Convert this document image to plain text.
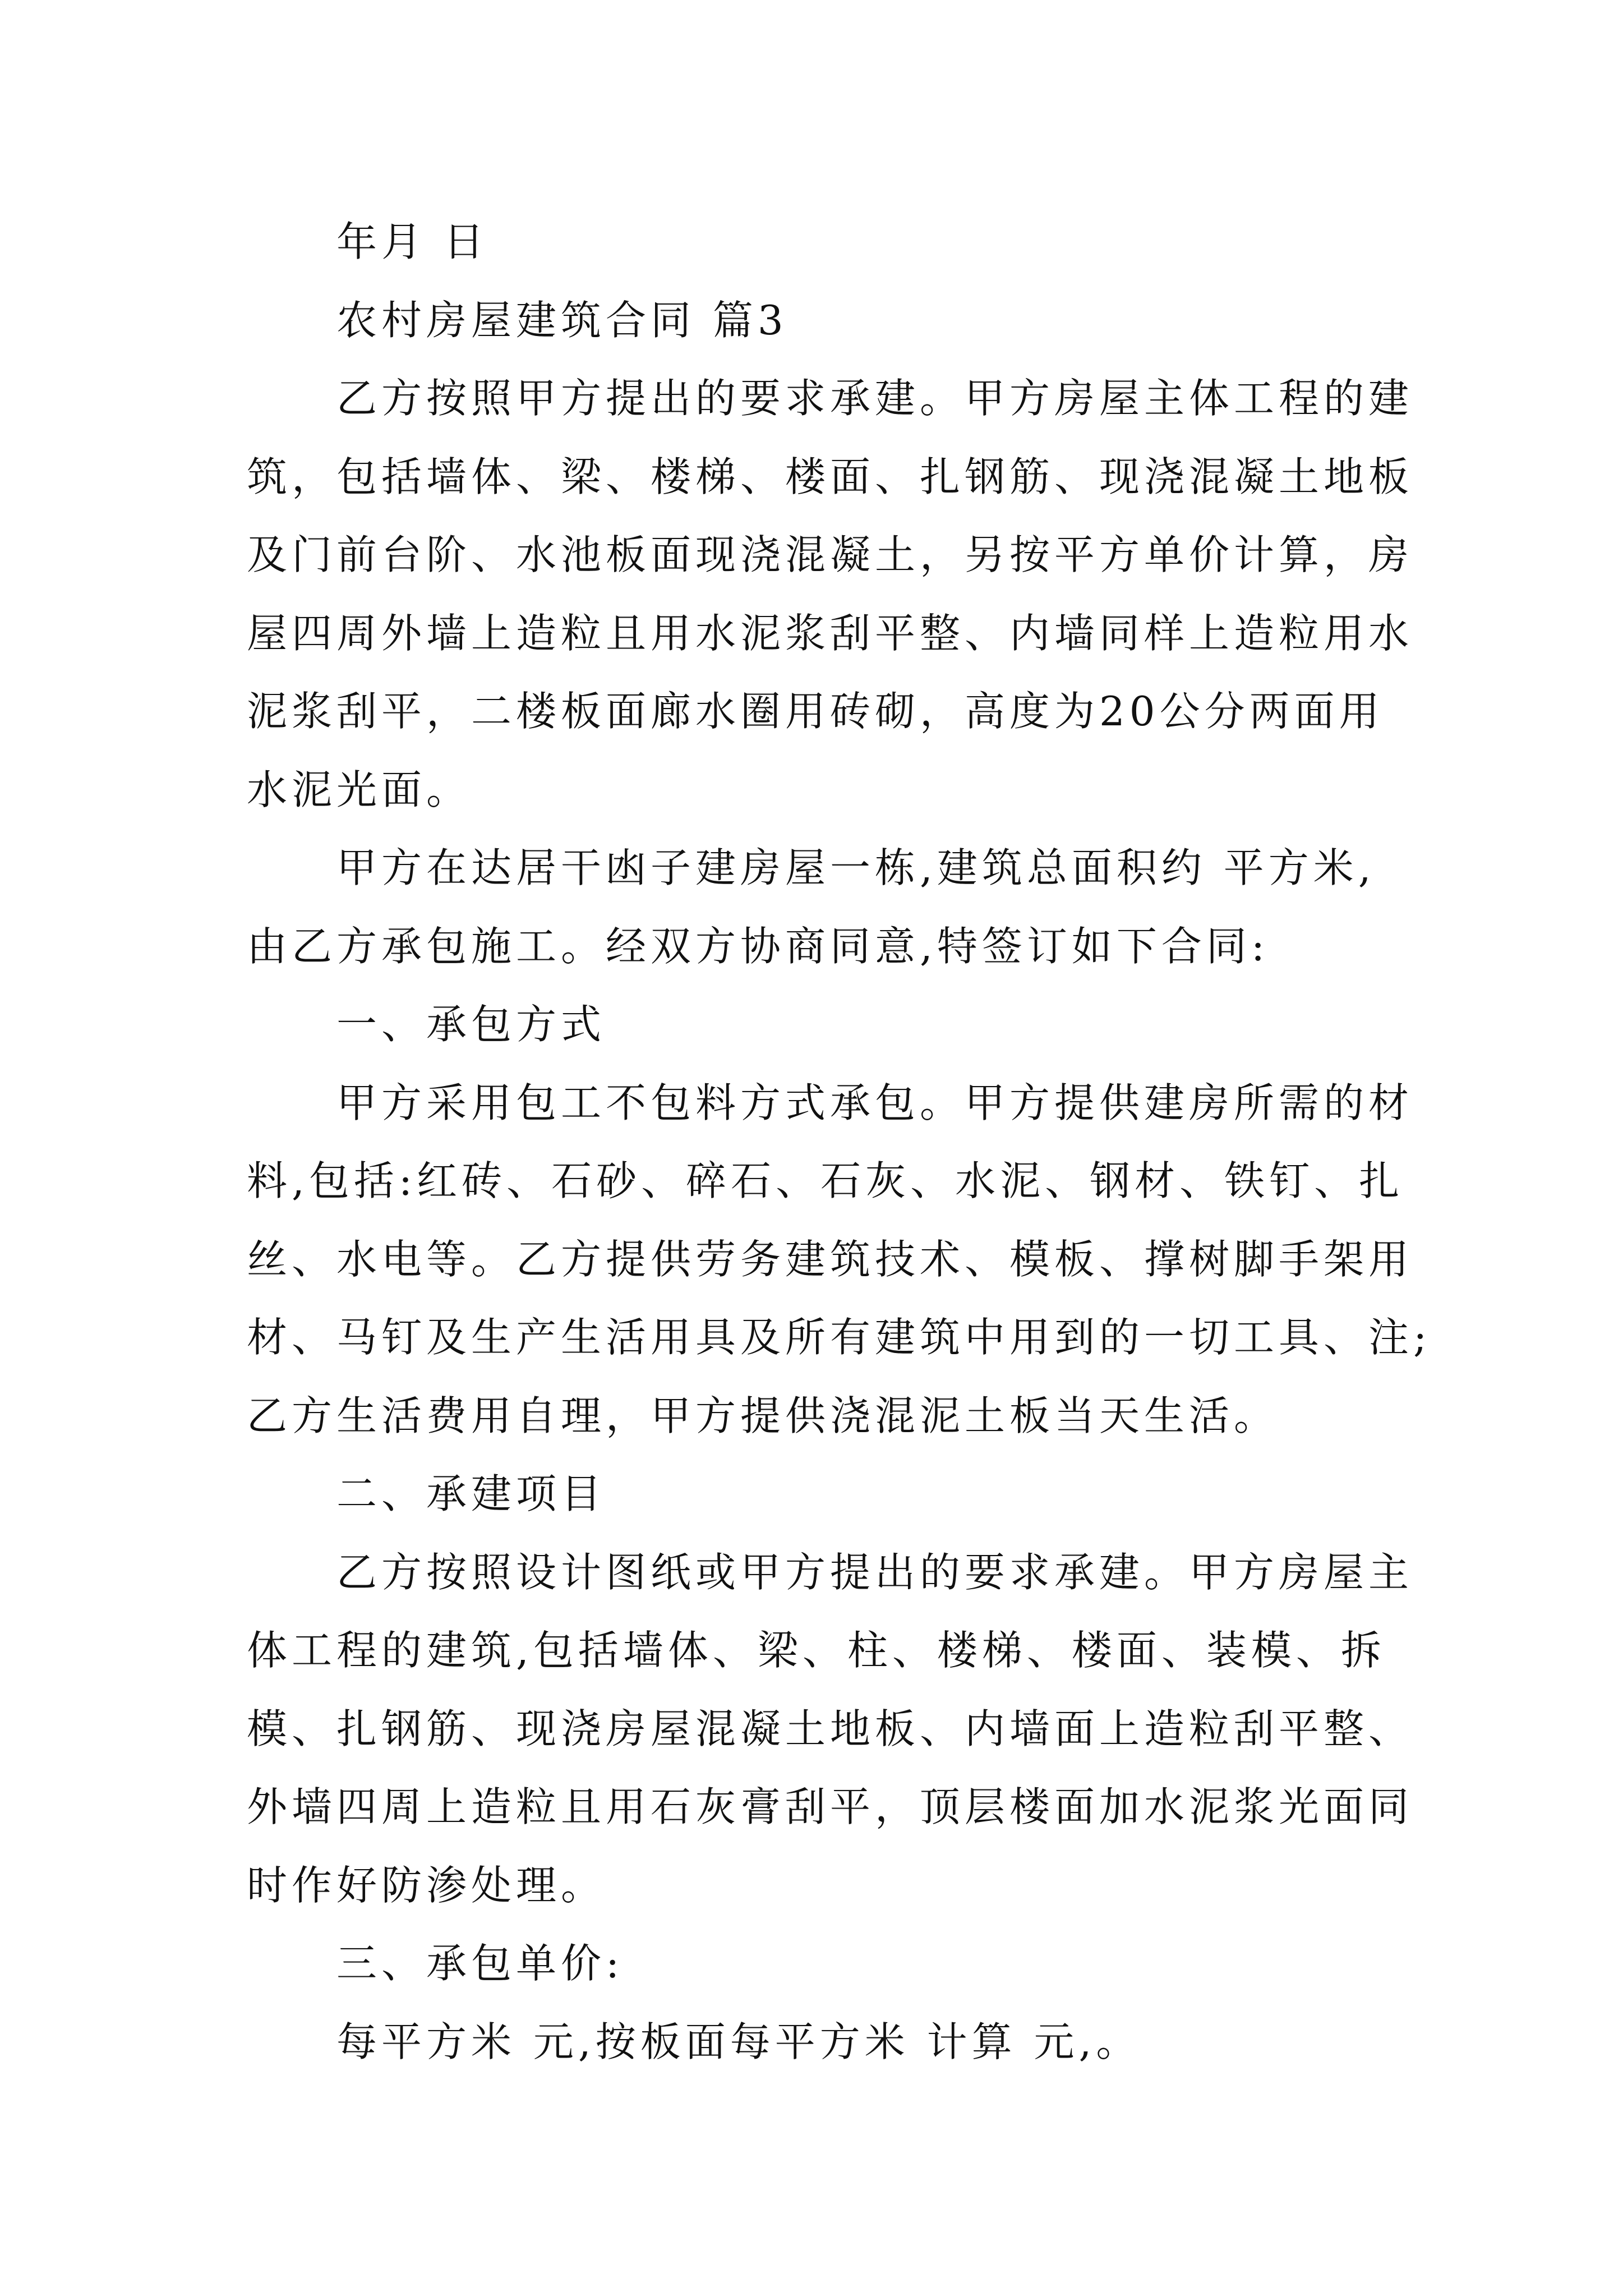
年月 日

农村房屋建筑合同 篇3

乙方按照甲方提出的要求承建。甲方房屋主体工程的建

筑，包括墙体、梁、楼梯、楼面、扎钢筋、现浇混凝土地板

及门前台阶、水池板面现浇混凝土，另按平方单价计算，房

屋四周外墙上造粒且用水泥浆刮平整、内墙同样上造粒用水

泥浆刮平，二楼板面廊水圈用砖砌，高度为20公分两面用

水泥光面。

甲方在达居干凼子建房屋一栋,建筑总面积约 平方米,

由乙方承包施工。经双方协商同意,特签订如下合同:

一、承包方式

甲方采用包工不包料方式承包。甲方提供建房所需的材

料,包括:红砖、石砂、碎石、石灰、水泥、钢材、铁钉、扎

丝、水电等。乙方提供劳务建筑技术、模板、撑树脚手架用

材、马钉及生产生活用具及所有建筑中用到的一切工具、注;

乙方生活费用自理，甲方提供浇混泥土板当天生活。

二、承建项目

乙方按照设计图纸或甲方提出的要求承建。甲方房屋主

体工程的建筑,包括墙体、梁、柱、楼梯、楼面、装模、拆

模、扎钢筋、现浇房屋混凝土地板、内墙面上造粒刮平整、

外墙四周上造粒且用石灰膏刮平，顶层楼面加水泥浆光面同

时作好防渗处理。

三、承包单价:

每平方米 元,按板面每平方米 计算 元,。
